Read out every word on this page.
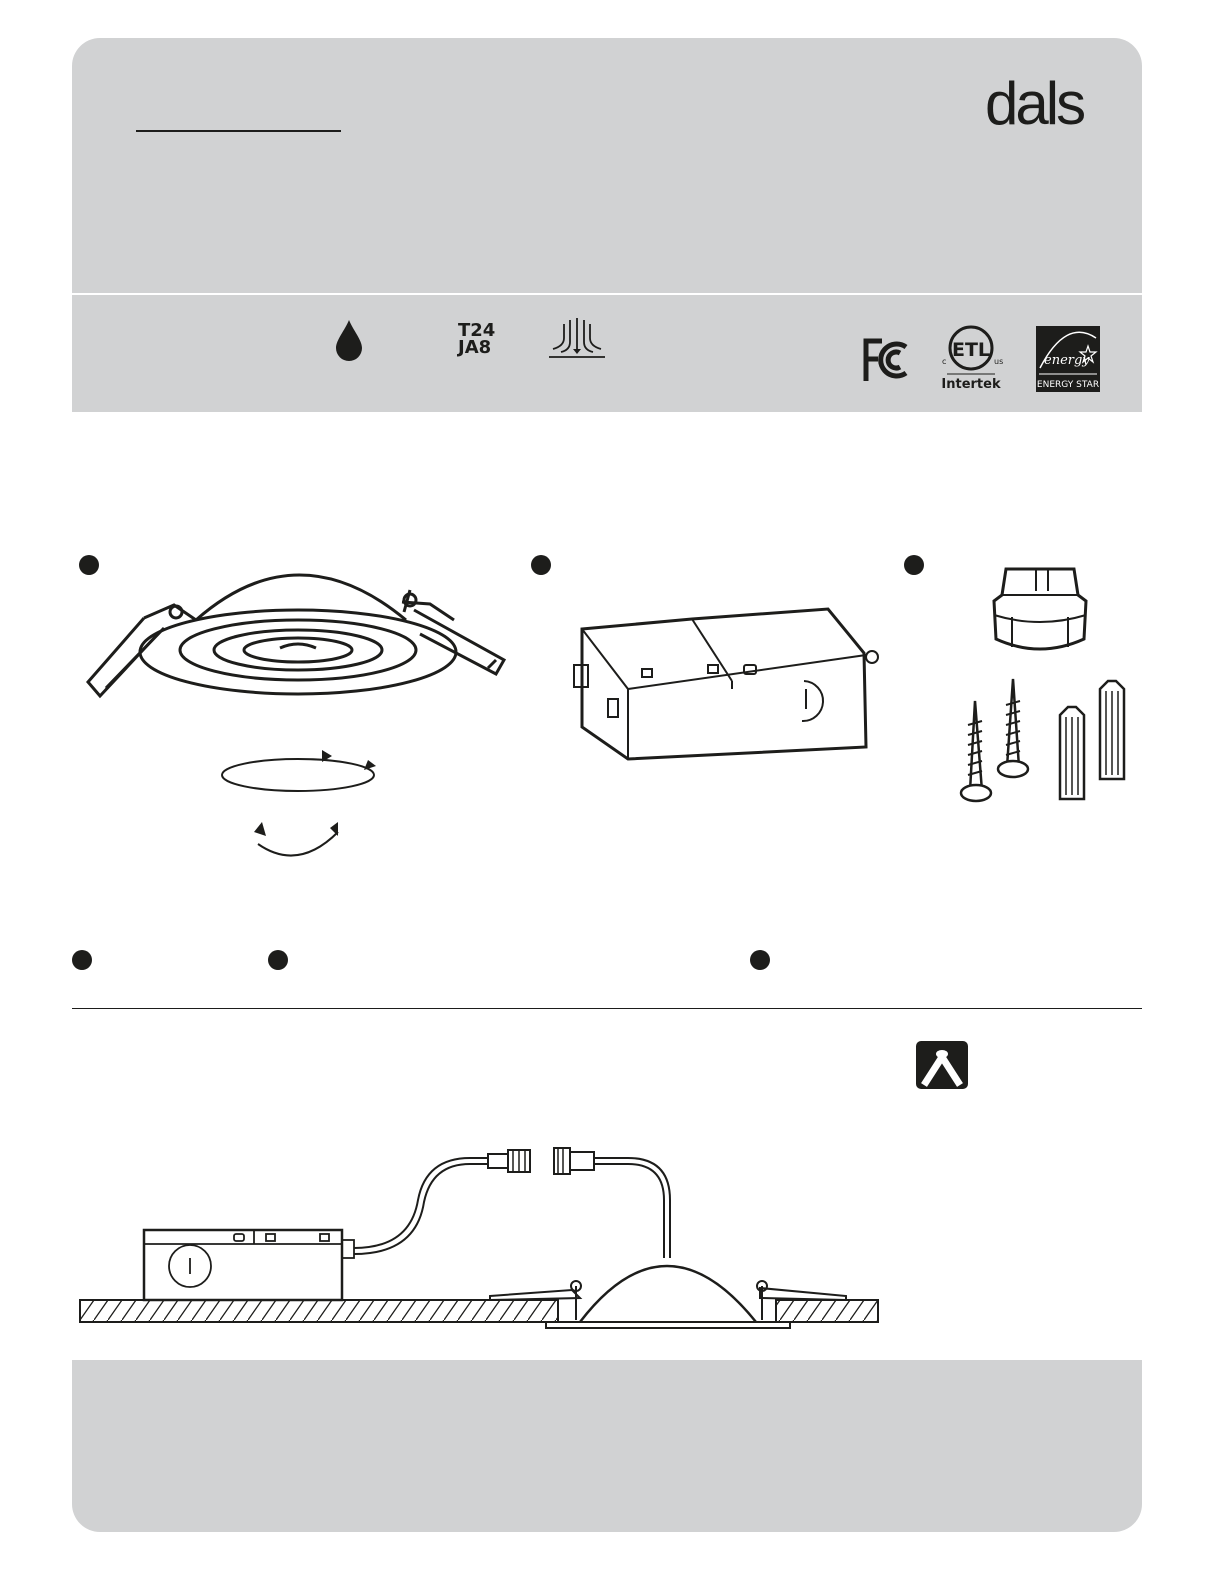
dals
T24
JA8	ETL
c	us
Intertek
energy
ENERGY STAR
